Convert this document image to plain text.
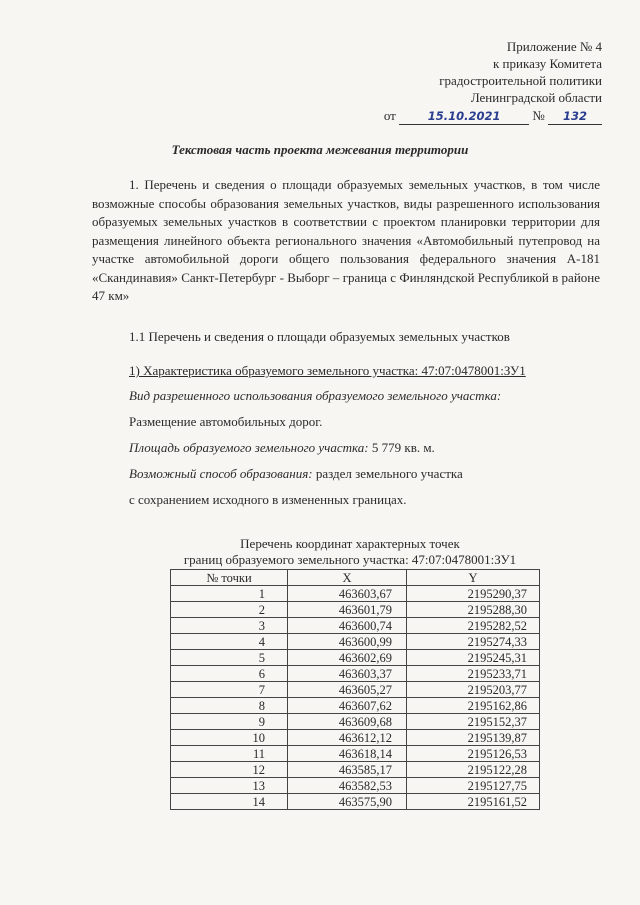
Приложение № 4
к приказу Комитета
градостроительной политики
Ленинградской области
от	15.10.2021 № 132
Текстовая часть проекта межевания территории
1. Перечень и сведения о площади образуемых земельных участков, в том числе возможные способы образования земельных участков, виды разрешенного использования образуемых земельных участков в соответствии с проектом планировки территории для размещения линейного объекта регионального значения «Автомобильный путепровод на участке автомобильной дороги общего пользования федерального значения А-181 «Скандинавия» Санкт-Петербург - Выборг – граница с Финляндской Республикой в районе 47 км»
1.1 Перечень и сведения о площади образуемых земельных участков
1) Характеристика образуемого земельного участка: 47:07:0478001:ЗУ1
Вид разрешенного использования образуемого земельного участка:
Размещение автомобильных дорог.
Площадь образуемого земельного участка: 5 779 кв. м.
Возможный способ образования: раздел земельного участка
с сохранением исходного в измененных границах.
Перечень координат характерных точек
границ образуемого земельного участка: 47:07:0478001:ЗУ1
№ точки	X	Y
1	463603,67	2195290,37
2	463601,79	2195288,30
3	463600,74	2195282,52
4	463600,99	2195274,33
5	463602,69	2195245,31
6	463603,37	2195233,71
7	463605,27	2195203,77
8	463607,62	2195162,86
9	463609,68	2195152,37
10	463612,12	2195139,87
11	463618,14	2195126,53
12	463585,17	2195122,28
13	463582,53	2195127,75
14	463575,90	2195161,52
